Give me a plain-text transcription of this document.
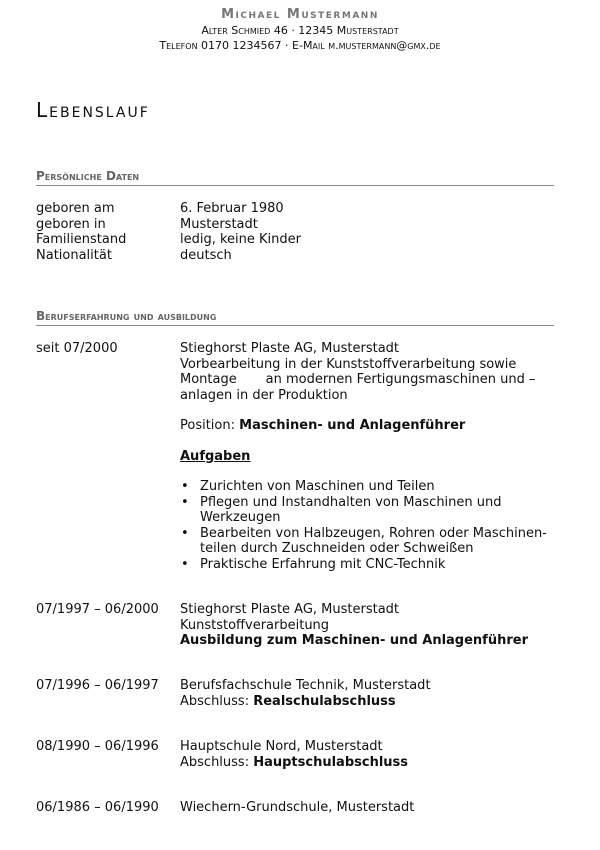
Michael Mustermann
Alter Schmied 46 · 12345 Musterstadt
Telefon 0170 1234567 · E-Mail m.mustermann@gmx.de
Lebenslauf
Persönliche Daten
geboren am	6. Februar 1980
geboren in	Musterstadt
Familienstand	ledig, keine Kinder
Nationalität	deutsch
Berufserfahrung und ausbildung
seit 07/2000	Stieghorst Plaste AG, Musterstadt
Vorbearbeitung in der Kunststoffverarbeitung sowie
Montage       an modernen Fertigungsmaschinen und –
anlagen in der Produktion
Position: Maschinen- und Anlagenführer
Aufgaben
• Zurichten von Maschinen und Teilen
• Pflegen und Instandhalten von Maschinen und
Werkzeugen
• Bearbeiten von Halbzeugen, Rohren oder Maschinen-
teilen durch Zuschneiden oder Schweißen
• Praktische Erfahrung mit CNC-Technik
07/1997 – 06/2000	Stieghorst Plaste AG, Musterstadt
Kunststoffverarbeitung
Ausbildung zum Maschinen- und Anlagenführer
07/1996 – 06/1997	Berufsfachschule Technik, Musterstadt
Abschluss: Realschulabschluss
08/1990 – 06/1996	Hauptschule Nord, Musterstadt
Abschluss: Hauptschulabschluss
06/1986 – 06/1990	Wiechern-Grundschule, Musterstadt
